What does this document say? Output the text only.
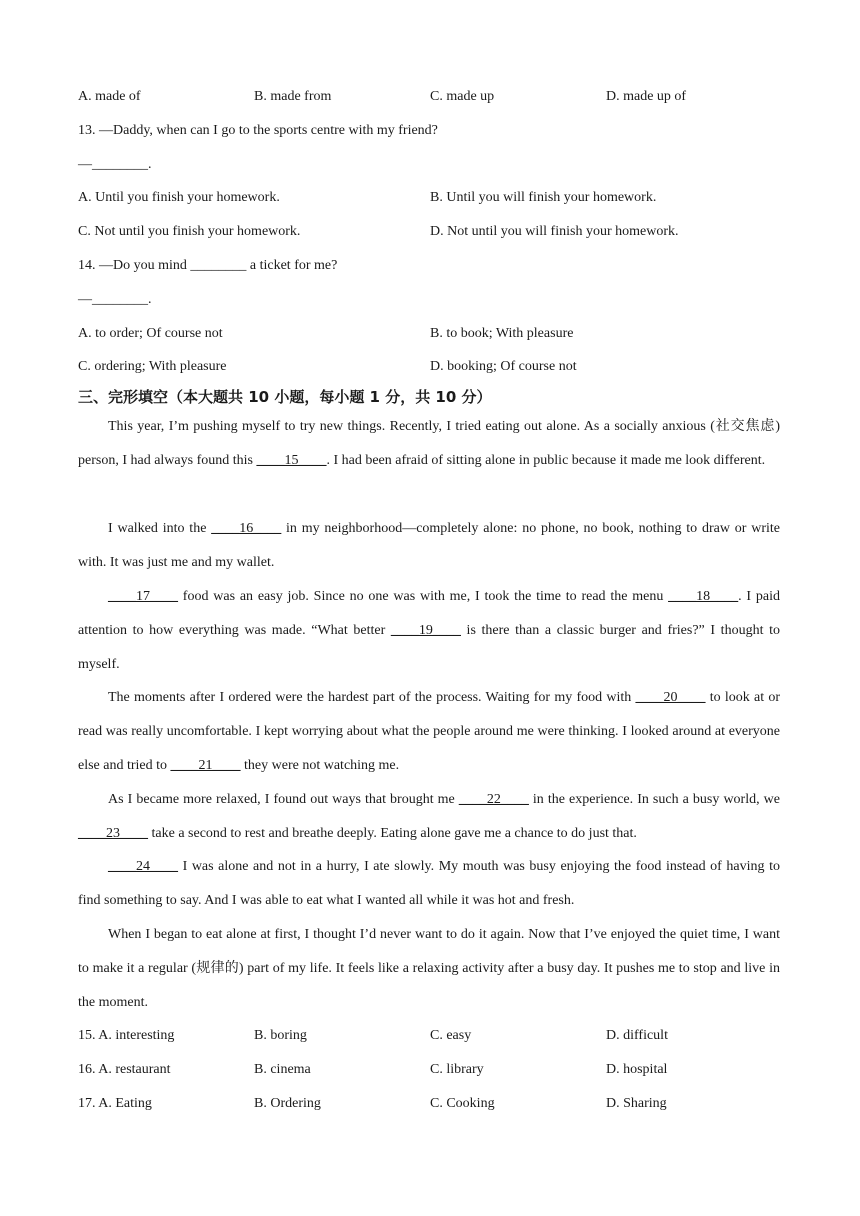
A. made of	B. made from	C. made up	D. made up of
13. —Daddy, when can I go to the sports centre with my friend?
—________.
A. Until you finish your homework.	B. Until you will finish your homework.
C. Not until you finish your homework.	D. Not until you will finish your homework.
14. —Do you mind ________ a ticket for me?
—________.
A. to order; Of course not	B. to book; With pleasure
C. ordering; With pleasure	D. booking; Of course not
三、完形填空（本大题共 10 小题，每小题 1 分，共 10 分）
This year, I’m pushing myself to try new things. Recently, I tried eating out alone. As a socially anxious (社交焦虑) person, I had always found this ____15____. I had been afraid of sitting alone in public because it made me look different.
I walked into the ____16____ in my neighborhood—completely alone: no phone, no book, nothing to draw or write with. It was just me and my wallet.
____17____ food was an easy job. Since no one was with me, I took the time to read the menu ____18____. I paid attention to how everything was made. “What better ____19____ is there than a classic burger and fries?” I thought to myself.
The moments after I ordered were the hardest part of the process. Waiting for my food with ____20____ to look at or read was really uncomfortable. I kept worrying about what the people around me were thinking. I looked around at everyone else and tried to ____21____ they were not watching me.
As I became more relaxed, I found out ways that brought me ____22____ in the experience. In such a busy world, we ____23____ take a second to rest and breathe deeply. Eating alone gave me a chance to do just that.
____24____ I was alone and not in a hurry, I ate slowly. My mouth was busy enjoying the food instead of having to find something to say. And I was able to eat what I wanted all while it was hot and fresh.
When I began to eat alone at first, I thought I’d never want to do it again. Now that I’ve enjoyed the quiet time, I want to make it a regular (规律的) part of my life. It feels like a relaxing activity after a busy day. It pushes me to stop and live in the moment.
15. A. interesting	B. boring	C. easy	D. difficult
16. A. restaurant	B. cinema	C. library	D. hospital
17. A. Eating	B. Ordering	C. Cooking	D. Sharing
